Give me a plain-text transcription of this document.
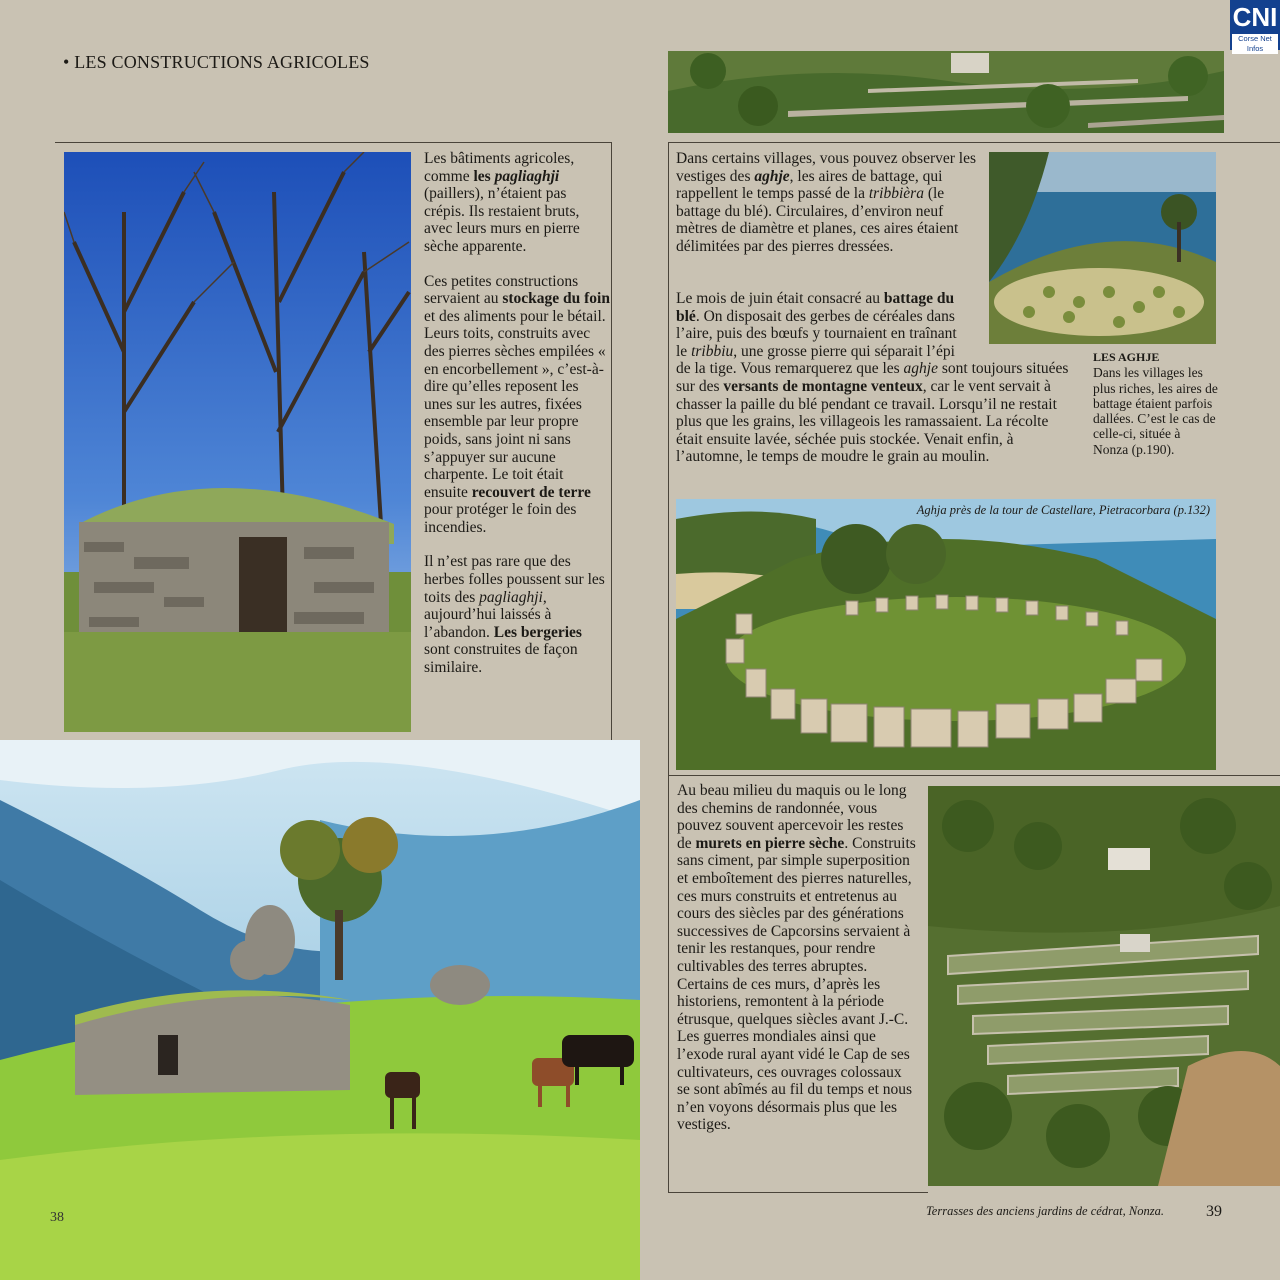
• LES CONSTRUCTIONS AGRICOLES
CNI
Corse Net Infos

Les bâtiments agricoles, comme les pagliaghji (paillers), n’étaient pas crépis. Ils restaient bruts, avec leurs murs en pierre sèche apparente.

Ces petites constructions servaient au stockage du foin et des aliments pour le bétail. Leurs toits, construits avec des pierres sèches empilées « en encorbellement », c’est-à-dire qu’elles reposent les unes sur les autres, fixées ensemble par leur propre poids, sans joint ni sans s’appuyer sur aucune charpente. Le toit était ensuite recouvert de terre pour protéger le foin des incendies.

Il n’est pas rare que des herbes folles poussent sur les toits des pagliaghji, aujourd’hui laissés à l’abandon. Les bergeries sont construites de façon similaire.

Dans certains villages, vous pouvez observer les vestiges des aghje, les aires de battage, qui rappellent le temps passé de la tribbièra (le battage du blé). Circulaires, d’environ neuf mètres de diamètre et planes, ces aires étaient délimitées par des pierres dressées.

Le mois de juin était consacré au battage du blé. On disposait des gerbes de céréales dans l’aire, puis des bœufs y tournaient en traînant le tribbiu, une grosse pierre qui séparait l’épi de la tige. Vous remarquerez que les aghje sont toujours situées sur des versants de montagne venteux, car le vent servait à chasser la paille du blé pendant ce travail. Lorsqu’il ne restait plus que les grains, les villageois les ramassaient. La récolte était ensuite lavée, séchée puis stockée. Venait enfin, à l’automne, le temps de moudre le grain au moulin.
LES AGHJE
Dans les villages les plus riches, les aires de battage étaient parfois dallées. C’est le cas de celle-ci, située à Nonza (p.190).
Aghja près de la tour de Castellare, Pietracorbara (p.132)

Au beau milieu du maquis ou le long des chemins de randonnée, vous pouvez souvent apercevoir les restes de murets en pierre sèche. Construits sans ciment, par simple superposition et emboîtement des pierres naturelles, ces murs construits et entretenus au cours des siècles par des générations successives de Capcorsins servaient à tenir les restanques, pour rendre cultivables des terres abruptes. Certains de ces murs, d’après les historiens, remontent à la période étrusque, quelques siècles avant J.-C. Les guerres mondiales ainsi que l’exode rural ayant vidé le Cap de ses cultivateurs, ces ouvrages colossaux se sont abîmés au fil du temps et nous n’en voyons désormais plus que les vestiges.

38	Terrasses des anciens jardins de cédrat, Nonza.	39
